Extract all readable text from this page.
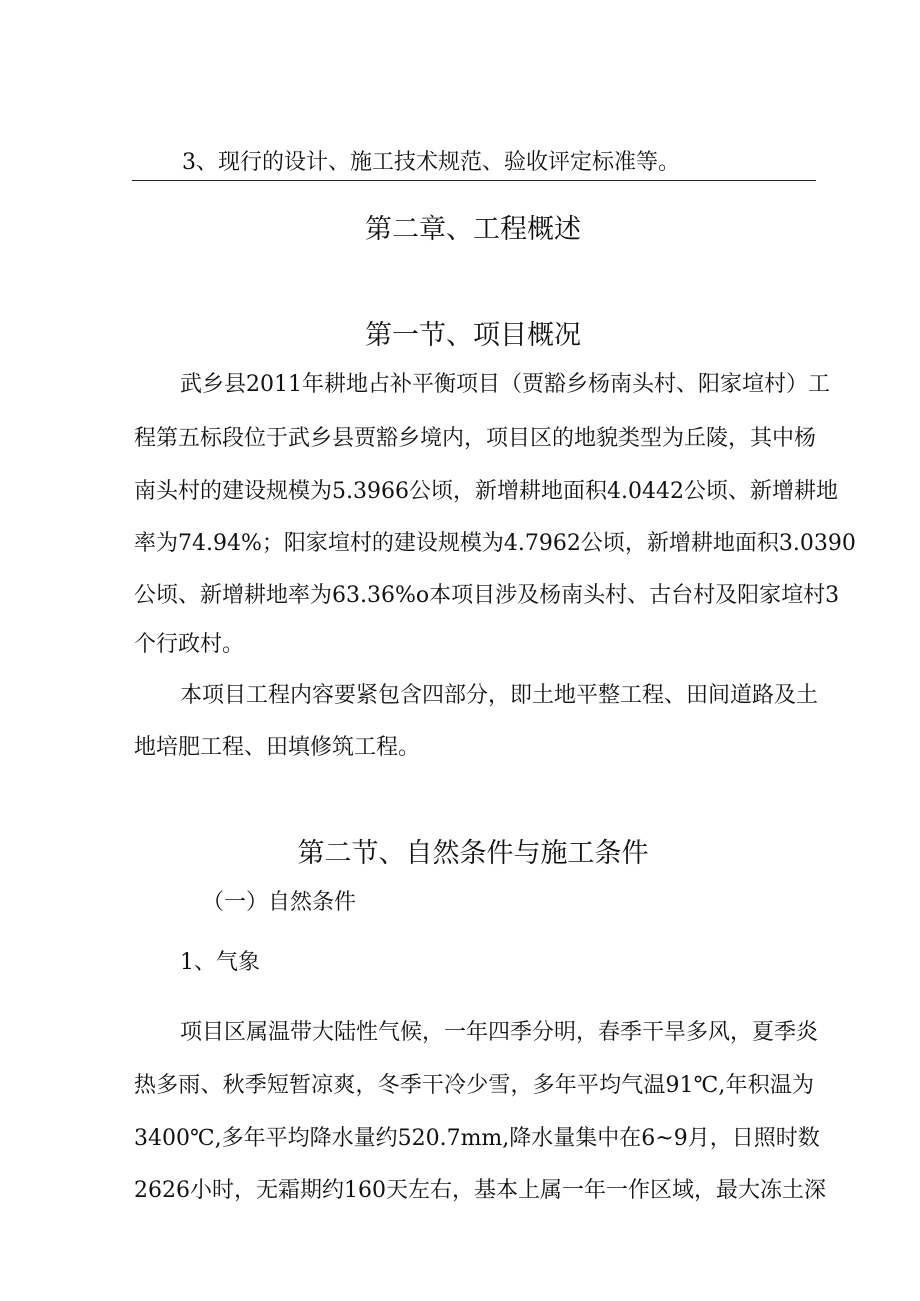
3、现行的设计、施工技术规范、验收评定标准等。
第二章、工程概述
第一节、项目概况
武乡县2011年耕地占补平衡项目（贾豁乡杨南头村、阳家塇村）工
程第五标段位于武乡县贾豁乡境内，项目区的地貌类型为丘陵，其中杨
南头村的建设规模为5.3966公顷，新增耕地面积4.0442公顷、新增耕地
率为74.94%；阳家塇村的建设规模为4.7962公顷，新增耕地面积3.0390
公顷、新增耕地率为63.36%o本项目涉及杨南头村、古台村及阳家塇村3
个行政村。
本项目工程内容要紧包含四部分，即土地平整工程、田间道路及土
地培肥工程、田填修筑工程。
第二节、自然条件与施工条件
（一）自然条件
1、气象
项目区属温带大陆性气候，一年四季分明，春季干旱多风，夏季炎
热多雨、秋季短暂凉爽，冬季干冷少雪，多年平均气温91℃,年积温为
3400℃,多年平均降水量约520.7mm,降水量集中在6~9月，日照时数
2626小时，无霜期约160天左右，基本上属一年一作区域，最大冻土深
